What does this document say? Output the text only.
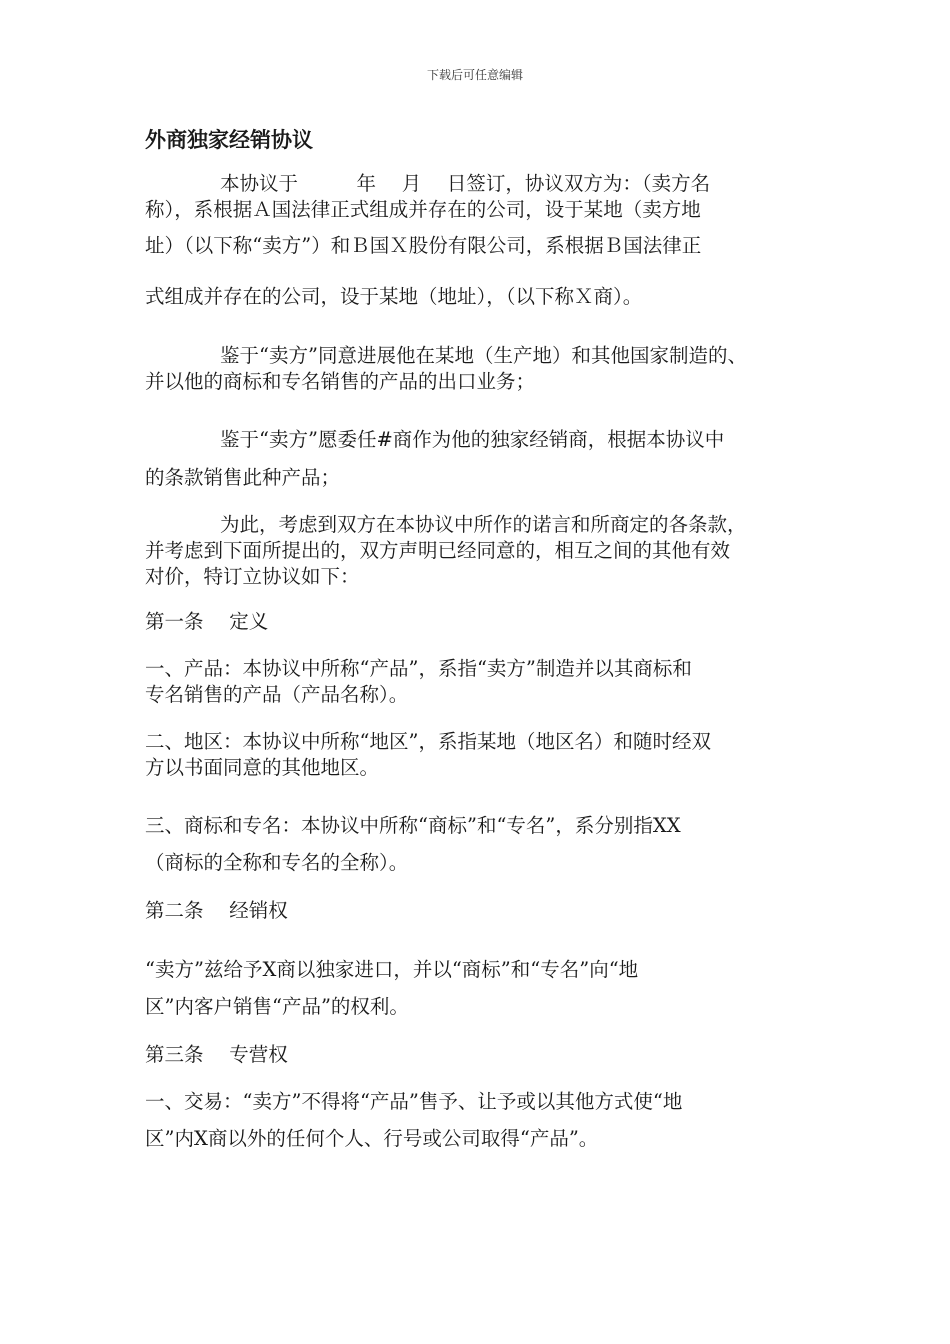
下载后可任意编辑
外商独家经销协议
本协议于　　　年　 月　 日签订，协议双方为：（卖方名
称），系根据Ａ国法律正式组成并存在的公司，设于某地（卖方地
址）（以下称“卖方”）和Ｂ国Ｘ股份有限公司，系根据Ｂ国法律正
式组成并存在的公司，设于某地（地址），（以下称Ｘ商）。
鉴于“卖方”同意进展他在某地（生产地）和其他国家制造的、
并以他的商标和专名销售的产品的出口业务；
鉴于“卖方”愿委任#商作为他的独家经销商，根据本协议中
的条款销售此种产品；
为此，考虑到双方在本协议中所作的诺言和所商定的各条款，
并考虑到下面所提出的，双方声明已经同意的，相互之间的其他有效
对价，特订立协议如下：
第一条　 定义
一、产品：本协议中所称“产品”，系指“卖方”制造并以其商标和
专名销售的产品（产品名称）。
二、地区：本协议中所称“地区”，系指某地（地区名）和随时经双
方以书面同意的其他地区。
三、商标和专名：本协议中所称“商标”和“专名”，系分别指XX
（商标的全称和专名的全称）。
第二条　 经销权
“卖方”兹给予X商以独家进口，并以“商标”和“专名”向“地
区”内客户销售“产品”的权利。
第三条　 专营权
一、交易：“卖方”不得将“产品”售予、让予或以其他方式使“地
区”内X商以外的任何个人、行号或公司取得“产品”。
